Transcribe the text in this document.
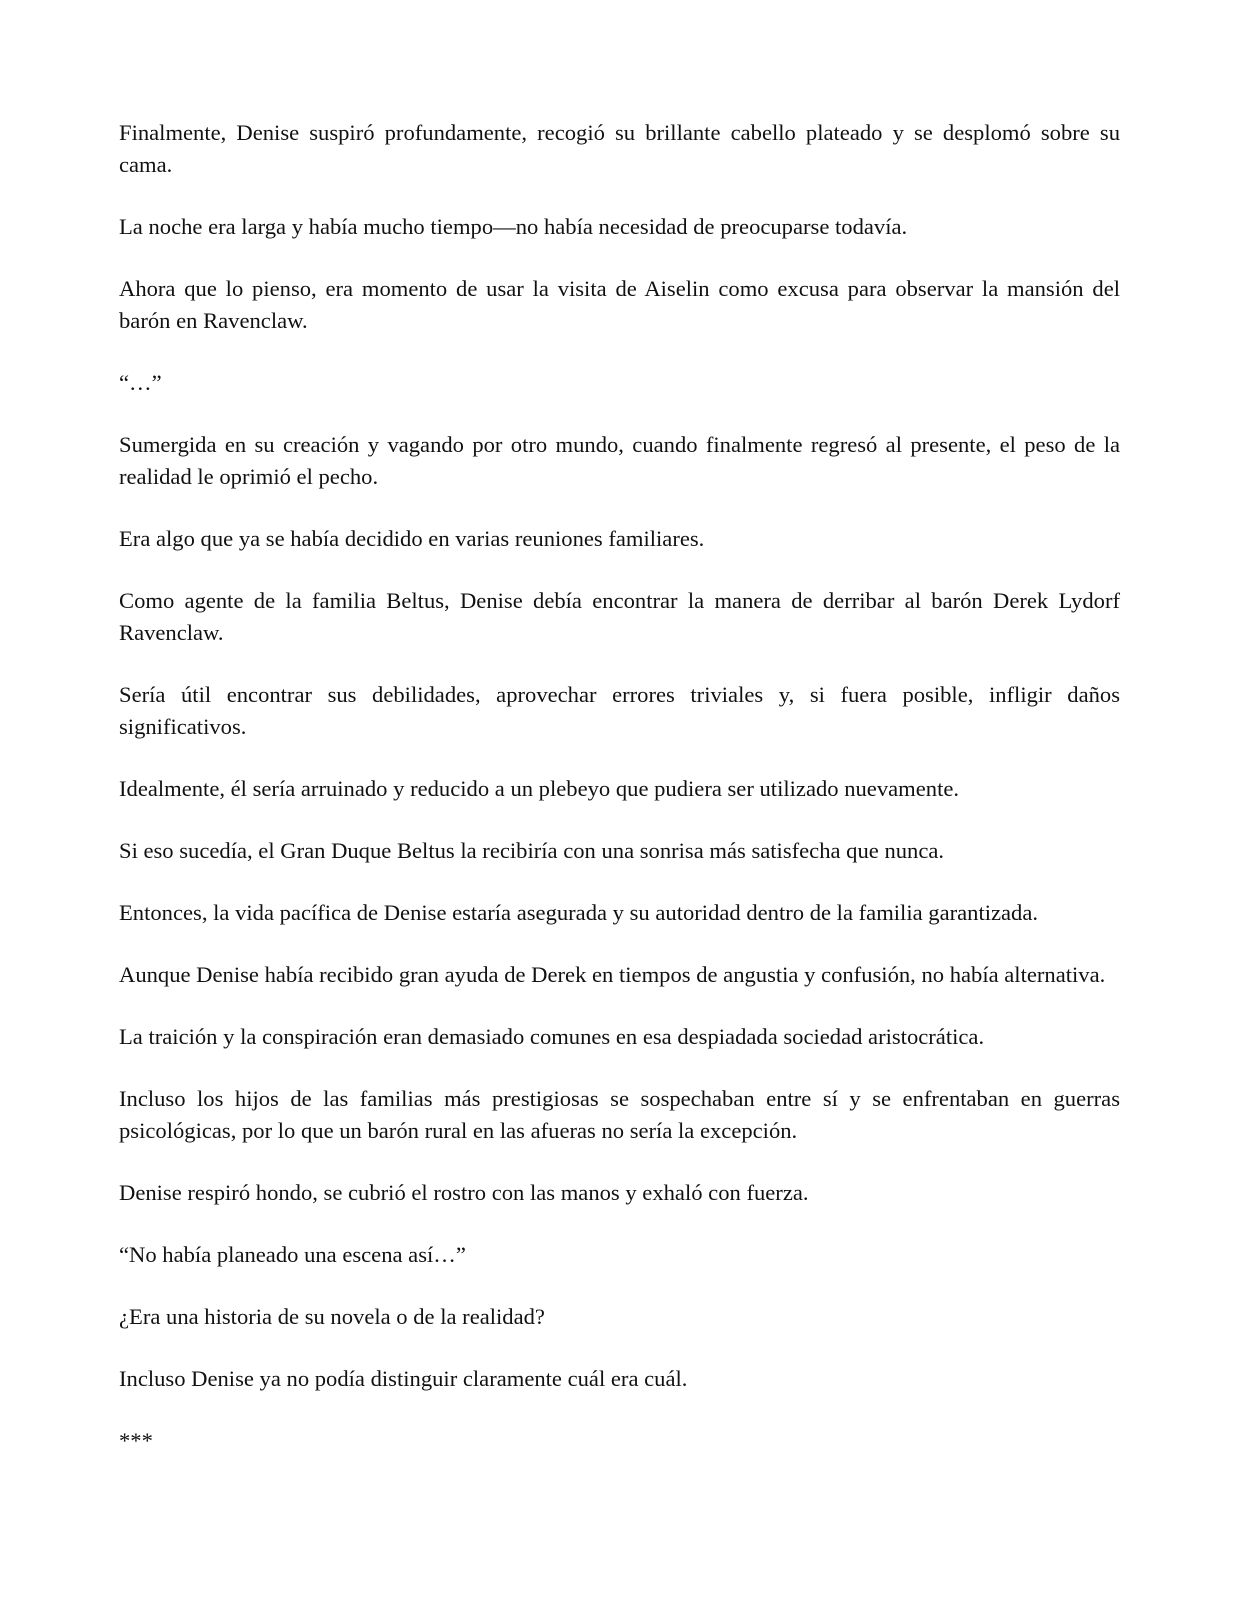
Finalmente, Denise suspiró profundamente, recogió su brillante cabello plateado y se desplomó sobre su cama.

La noche era larga y había mucho tiempo—no había necesidad de preocuparse todavía.

Ahora que lo pienso, era momento de usar la visita de Aiselin como excusa para observar la mansión del barón en Ravenclaw.

“…”

Sumergida en su creación y vagando por otro mundo, cuando finalmente regresó al presente, el peso de la realidad le oprimió el pecho.

Era algo que ya se había decidido en varias reuniones familiares.

Como agente de la familia Beltus, Denise debía encontrar la manera de derribar al barón Derek Lydorf Ravenclaw.

Sería útil encontrar sus debilidades, aprovechar errores triviales y, si fuera posible, infligir daños significativos.

Idealmente, él sería arruinado y reducido a un plebeyo que pudiera ser utilizado nuevamente.

Si eso sucedía, el Gran Duque Beltus la recibiría con una sonrisa más satisfecha que nunca.

Entonces, la vida pacífica de Denise estaría asegurada y su autoridad dentro de la familia garantizada.

Aunque Denise había recibido gran ayuda de Derek en tiempos de angustia y confusión, no había alternativa.

La traición y la conspiración eran demasiado comunes en esa despiadada sociedad aristocrática.

Incluso los hijos de las familias más prestigiosas se sospechaban entre sí y se enfrentaban en guerras psicológicas, por lo que un barón rural en las afueras no sería la excepción.

Denise respiró hondo, se cubrió el rostro con las manos y exhaló con fuerza.

“No había planeado una escena así…”

¿Era una historia de su novela o de la realidad?

Incluso Denise ya no podía distinguir claramente cuál era cuál.

***
